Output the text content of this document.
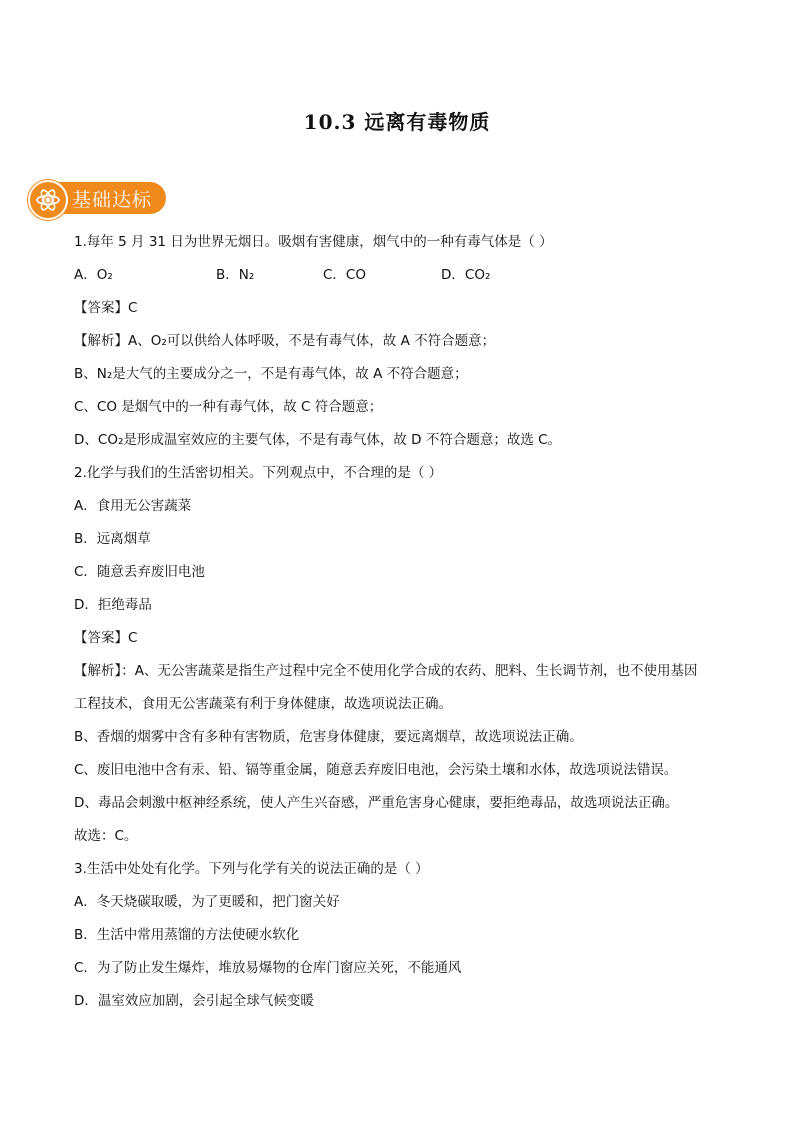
10.3 远离有毒物质
基础达标
1.每年 5 月 31 日为世界无烟日。吸烟有害健康，烟气中的一种有毒气体是（ ）
A．O₂	B．N₂	C．CO	D．CO₂
【答案】C
【解析】A、O₂可以供给人体呼吸，不是有毒气体，故 A 不符合题意；
B、N₂是大气的主要成分之一，不是有毒气体，故 A 不符合题意；
C、CO 是烟气中的一种有毒气体，故 C 符合题意；
D、CO₂是形成温室效应的主要气体，不是有毒气体，故 D 不符合题意；故选 C。
2.化学与我们的生活密切相关。下列观点中，不合理的是（ ）
A．食用无公害蔬菜
B．远离烟草
C．随意丢弃废旧电池
D．拒绝毒品
【答案】C
【解析】：A、无公害蔬菜是指生产过程中完全不使用化学合成的农药、肥料、生长调节剂，也不使用基因
工程技术，食用无公害蔬菜有利于身体健康，故选项说法正确。
B、香烟的烟雾中含有多种有害物质，危害身体健康，要远离烟草，故选项说法正确。
C、废旧电池中含有汞、铅、镉等重金属，随意丢弃废旧电池，会污染土壤和水体，故选项说法错误。
D、毒品会刺激中枢神经系统，使人产生兴奋感，严重危害身心健康，要拒绝毒品，故选项说法正确。
故选：C。
3.生活中处处有化学。下列与化学有关的说法正确的是（ ）
A．冬天烧碳取暖，为了更暖和，把门窗关好
B．生活中常用蒸馏的方法使硬水软化
C．为了防止发生爆炸，堆放易爆物的仓库门窗应关死，不能通风
D．温室效应加剧，会引起全球气候变暖
